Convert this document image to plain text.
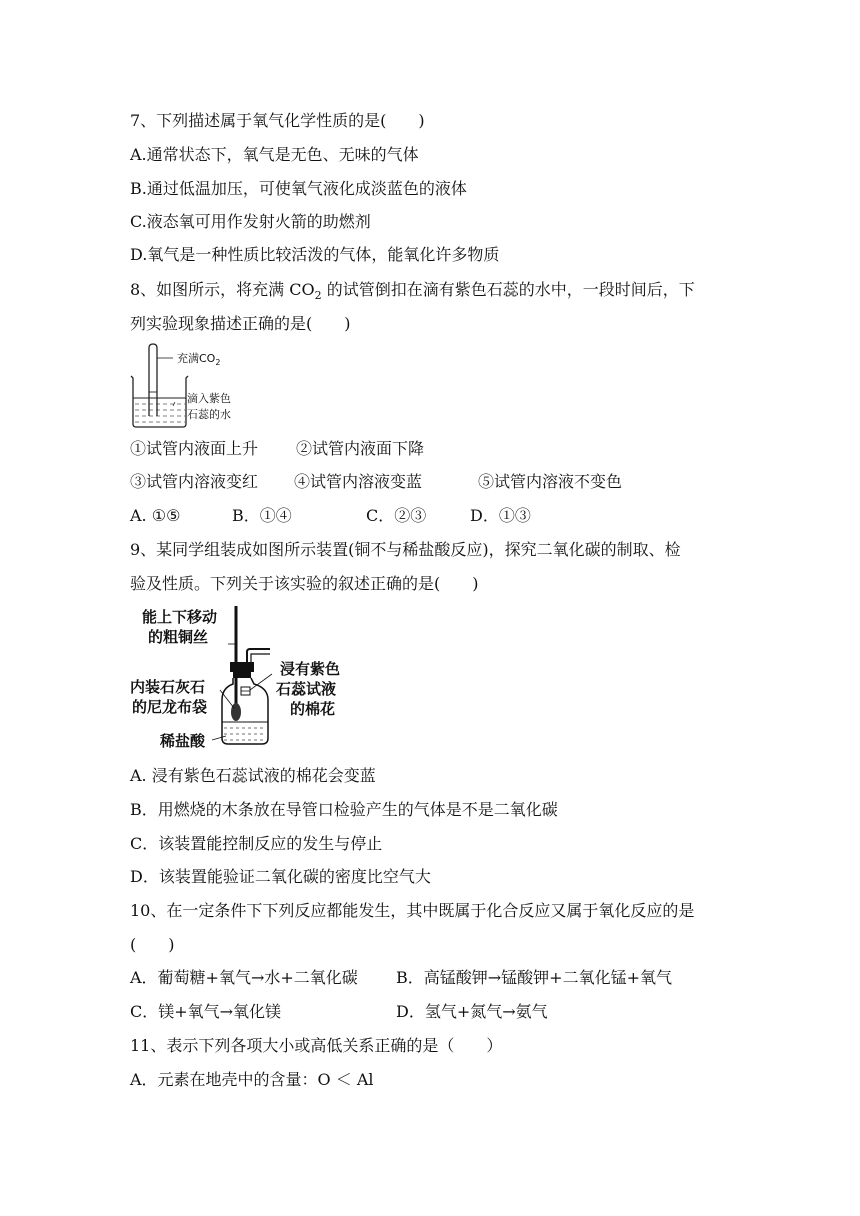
7、下列描述属于氧气化学性质的是(　　)
A.通常状态下，氧气是无色、无味的气体
B.通过低温加压，可使氧气液化成淡蓝色的液体
C.液态氧可用作发射火箭的助燃剂
D.氧气是一种性质比较活泼的气体，能氧化许多物质
8、如图所示，将充满 $CO_2$ 的试管倒扣在滴有紫色石蕊的水中，一段时间后，下
列实验现象描述正确的是(　　)
充满$CO_2$
滴入紫色
石蕊的水
①试管内液面上升 ②试管内液面下降
③试管内溶液变红 ④试管内溶液变蓝	⑤试管内溶液不变色
A. ①⑤	B．①④	C．②③	D．①③
9、某同学组装成如图所示装置(铜不与稀盐酸反应)，探究二氧化碳的制取、检
验及性质。下列关于该实验的叙述正确的是(　　)
能上下移动
的粗铜丝
浸有紫色
石蕊试液
的棉花
内装石灰石
的尼龙布袋
稀盐酸
A. 浸有紫色石蕊试液的棉花会变蓝
B．用燃烧的木条放在导管口检验产生的气体是不是二氧化碳
C．该装置能控制反应的发生与停止
D．该装置能验证二氧化碳的密度比空气大
10、在一定条件下下列反应都能发生，其中既属于化合反应又属于氧化反应的是
(　　)
A．葡萄糖+氧气→水+二氧化碳 B．高锰酸钾→锰酸钾+二氧化锰+氧气
C．镁+氧气→氧化镁	D．氢气+氮气→氨气
11、表示下列各项大小或高低关系正确的是（　　）
A．元素在地壳中的含量：O ＜ Al
